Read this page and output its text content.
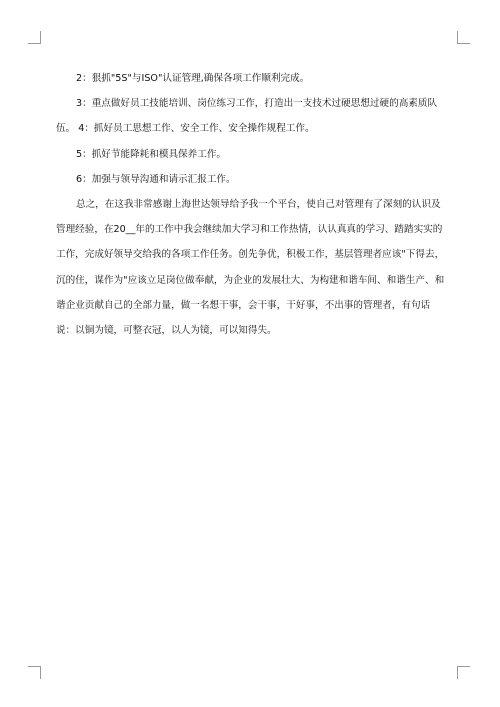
2：狠抓"5S"与ISO"认证管理,确保各项工作顺利完成。

3：重点做好员工技能培训、岗位练习工作，打造出一支技术过硬思想过硬的高素质队伍。 4：抓好员工思想工作、安全工作、安全操作规程工作。

5：抓好节能降耗和模具保养工作。

6：加强与领导沟通和请示汇报工作。

总之，在这我非常感谢上海世达领导给予我一个平台，使自己对管理有了深刻的认识及管理经验，在20__年的工作中我会继续加大学习和工作热情，认认真真的学习、踏踏实实的工作，完成好领导交给我的各项工作任务。创先争优，积极工作，基层管理者应该"下得去，沉的住，谋作为"应该立足岗位做奉献，为企业的发展壮大、为构建和谐车间、和谐生产、和谐企业贡献自己的全部力量，做一名想干事，会干事，干好事，不出事的管理者，有句话说：以铜为镜，可整衣冠，以人为镜，可以知得失。
